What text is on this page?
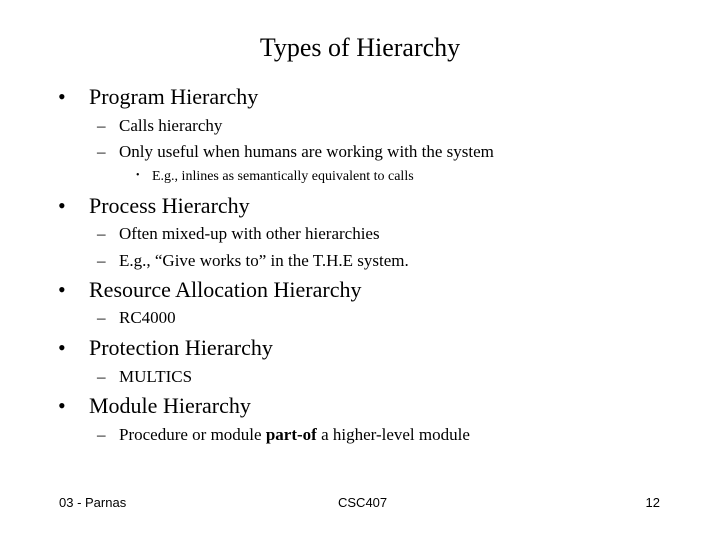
Types of Hierarchy
• Program Hierarchy
– Calls hierarchy
– Only useful when humans are working with the system
• E.g., inlines as semantically equivalent to calls
• Process Hierarchy
– Often mixed-up with other hierarchies
– E.g., “Give works to” in the T.H.E system.
• Resource Allocation Hierarchy
– RC4000
• Protection Hierarchy
– MULTICS
• Module Hierarchy
– Procedure or module part-of a higher-level module
03 - Parnas	CSC407	12
